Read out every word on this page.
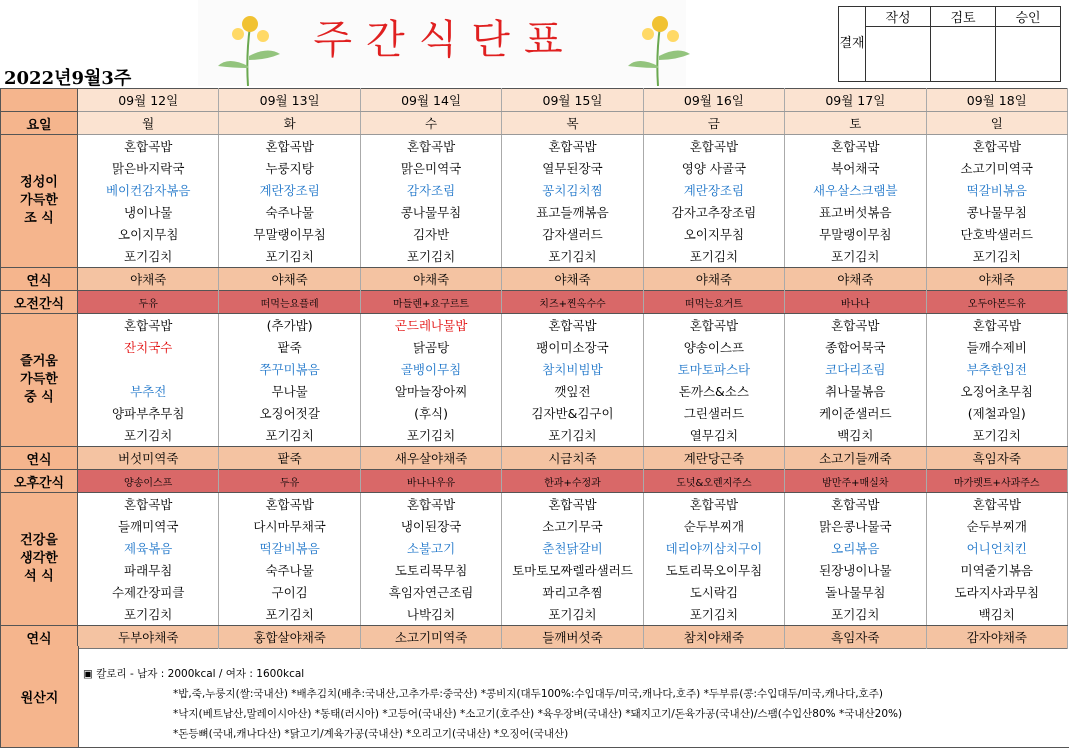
주간식단표
2022년9월3주
결재	작성	검토	승인

	09월 12일	09월 13일	09월 14일	09월 15일	09월 16일	09월 17일	09월 18일
요일	월	화	수	목	금	토	일

정성이
가득한
조 식	혼합곡밥	혼합곡밥	혼합곡밥	혼합곡밥	혼합곡밥	혼합곡밥	혼합곡밥
	맑은바지락국	누룽지탕	맑은미역국	열무된장국	영양 사골국	북어채국	소고기미역국
	베이컨감자볶음	계란장조림	감자조림	꽁치김치찜	계란장조림	새우살스크램블	떡갈비볶음
	냉이나물	숙주나물	콩나물무침	표고들깨볶음	감자고추장조림	표고버섯볶음	콩나물무침
	오이지무침	무말랭이무침	김자반	감자샐러드	오이지무침	무말랭이무침	단호박샐러드
	포기김치	포기김치	포기김치	포기김치	포기김치	포기김치	포기김치
연식	야채죽	야채죽	야채죽	야채죽	야채죽	야채죽	야채죽
오전간식	두유	떠먹는요플레	마들렌+요구르트	치즈+찐옥수수	떠먹는요거트	바나나	오두아몬드유

즐거움
가득한
중 식	혼합곡밥	(추가밥)	곤드레나물밥	혼합곡밥	혼합곡밥	혼합곡밥	혼합곡밥
	잔치국수	팥죽	닭곰탕	팽이미소장국	양송이스프	종합어묵국	들깨수제비
		쭈꾸미볶음	골뱅이무침	참치비빔밥	토마토파스타	코다리조림	부추한입전
	부추전	무나물	알마늘장아찌	깻잎전	돈까스&소스	취나물볶음	오징어초무침
	양파부추무침	오징어젓갈	(후식)	김자반&김구이	그린샐러드	케이준샐러드	(제철과일)
	포기김치	포기김치	포기김치	포기김치	열무김치	백김치	포기김치
연식	버섯미역죽	팥죽	새우살야채죽	시금치죽	계란당근죽	소고기들깨죽	흑임자죽
오후간식	양송이스프	두유	바나나우유	한과+수정과	도넛&오렌지주스	밤만주+매실차	마가렛트+사과주스

건강을
생각한
석 식	혼합곡밥	혼합곡밥	혼합곡밥	혼합곡밥	혼합곡밥	혼합곡밥	혼합곡밥
	들깨미역국	다시마무채국	냉이된장국	소고기무국	순두부찌개	맑은콩나물국	순두부찌개
	제육볶음	떡갈비볶음	소불고기	춘천닭갈비	데리야끼삼치구이	오리볶음	어니언치킨
	파래무침	숙주나물	도토리묵무침	토마토모짜렐라샐러드	도토리묵오이무침	된장냉이나물	미역줄기볶음
	수제간장피클	구이김	흑임자연근조림	꽈리고추찜	도시락김	돌나물무침	도라지사과무침
	포기김치	포기김치	나박김치	포기김치	포기김치	포기김치	백김치
연식	두부야채죽	홍합살야채죽	소고기미역죽	들깨버섯죽	참치야채죽	흑임자죽	감자야채죽
원산지
▣ 칼로리 - 남자 : 2000kcal / 여자 : 1600kcal
*밥,죽,누룽지(쌀:국내산) *배추김치(배추:국내산,고추가루:중국산) *콩비지(대두100%:수입대두/미국,캐나다,호주) *두부류(콩:수입대두/미국,캐나다,호주)
*낙지(베트남산,말레이시아산) *동태(러시아) *고등어(국내산) *소고기(호주산) *육우장벼(국내산) *돼지고기/돈육가공(국내산)/스팸(수입산80% *국내산20%)
*돈등뼈(국내,캐나다산) *닭고기/계육가공(국내산) *오리고기(국내산) *오징어(국내산)
